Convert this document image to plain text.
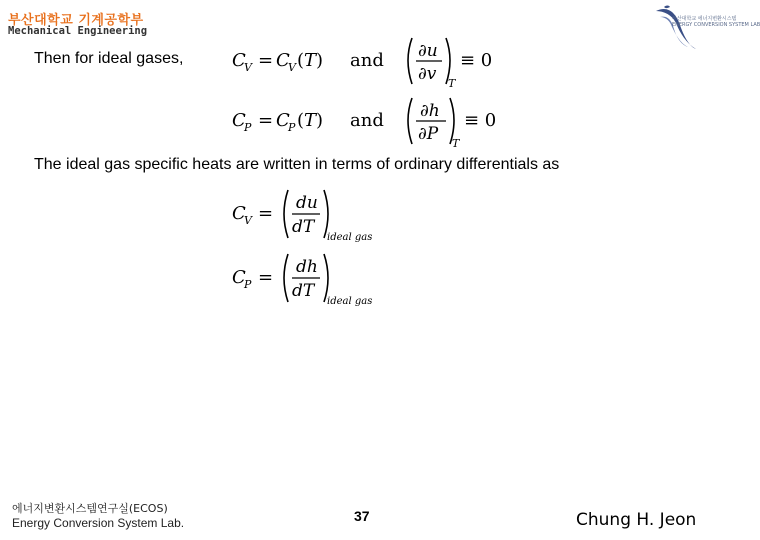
부산대학교 기계공학부
Mechanical Engineering
부산대학교 에너지변환시스템
ENERGY CONVERSION SYSTEM LAB
Then for ideal gases,	C
V = C
V ( T ) and ∂u
∂v T
≡ 0
C
P = C
P ( T ) and ∂h
∂P T
≡ 0
The ideal gas specific heats are written in terms of ordinary differentials as
C
V = du
dT
ideal gas
C
P = dh
dT
ideal gas
에너지변환시스템연구실(ECOS)
Energy Conversion System Lab.	37	Chung H. Jeon
